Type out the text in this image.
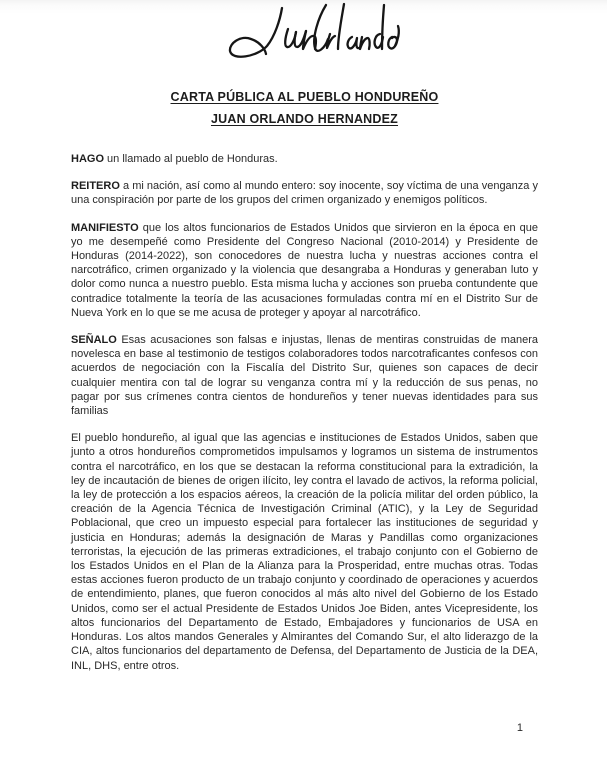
CARTA PÚBLICA AL PUEBLO HONDUREÑO
JUAN ORLANDO HERNANDEZ

HAGO un llamado al pueblo de Honduras.

REITERO a mi nación, así como al mundo entero: soy inocente, soy víctima de una venganza y una conspiración por parte de los grupos del crimen organizado y enemigos políticos.

MANIFIESTO que los altos funcionarios de Estados Unidos que sirvieron en la época en que yo me desempeñé como Presidente del Congreso Nacional (2010-2014) y Presidente de Honduras (2014-2022), son conocedores de nuestra lucha y nuestras acciones contra el narcotráfico, crimen organizado y la violencia que desangraba a Honduras y generaban luto y dolor como nunca a nuestro pueblo. Esta misma lucha y acciones son prueba contundente que contradice totalmente la teoría de las acusaciones formuladas contra mí en el Distrito Sur de Nueva York en lo que se me acusa de proteger y apoyar al narcotráfico.

SEÑALO Esas acusaciones son falsas e injustas, llenas de mentiras construidas de manera novelesca en base al testimonio de testigos colaboradores todos narcotraficantes confesos con acuerdos de negociación con la Fiscalía del Distrito Sur, quienes son capaces de decir cualquier mentira con tal de lograr su venganza contra mí y la reducción de sus penas, no pagar por sus crímenes contra cientos de hondureños y tener nuevas identidades para sus familias

El pueblo hondureño, al igual que las agencias e instituciones de Estados Unidos, saben que junto a otros hondureños comprometidos impulsamos y logramos un sistema de instrumentos contra el narcotráfico, en los que se destacan la reforma constitucional para la extradición, la ley de incautación de bienes de origen ilícito, ley contra el lavado de activos, la reforma policial, la ley de protección a los espacios aéreos, la creación de la policía militar del orden público, la creación de la Agencia Técnica de Investigación Criminal (ATIC), y la Ley de Seguridad Poblacional, que creo un impuesto especial para fortalecer las instituciones de seguridad y justicia en Honduras; además la designación de Maras y Pandillas como organizaciones terroristas, la ejecución de las primeras extradiciones, el trabajo conjunto con el Gobierno de los Estados Unidos en el Plan de la Alianza para la Prosperidad, entre muchas otras. Todas estas acciones fueron producto de un trabajo conjunto y coordinado de operaciones y acuerdos de entendimiento, planes, que fueron conocidos al más alto nivel del Gobierno de los Estado Unidos, como ser el actual Presidente de Estados Unidos Joe Biden, antes Vicepresidente, los altos funcionarios del Departamento de Estado, Embajadores y funcionarios de USA en Honduras. Los altos mandos Generales y Almirantes del Comando Sur, el alto liderazgo de la CIA, altos funcionarios del departamento de Defensa, del Departamento de Justicia de la DEA, INL, DHS, entre otros.

1
